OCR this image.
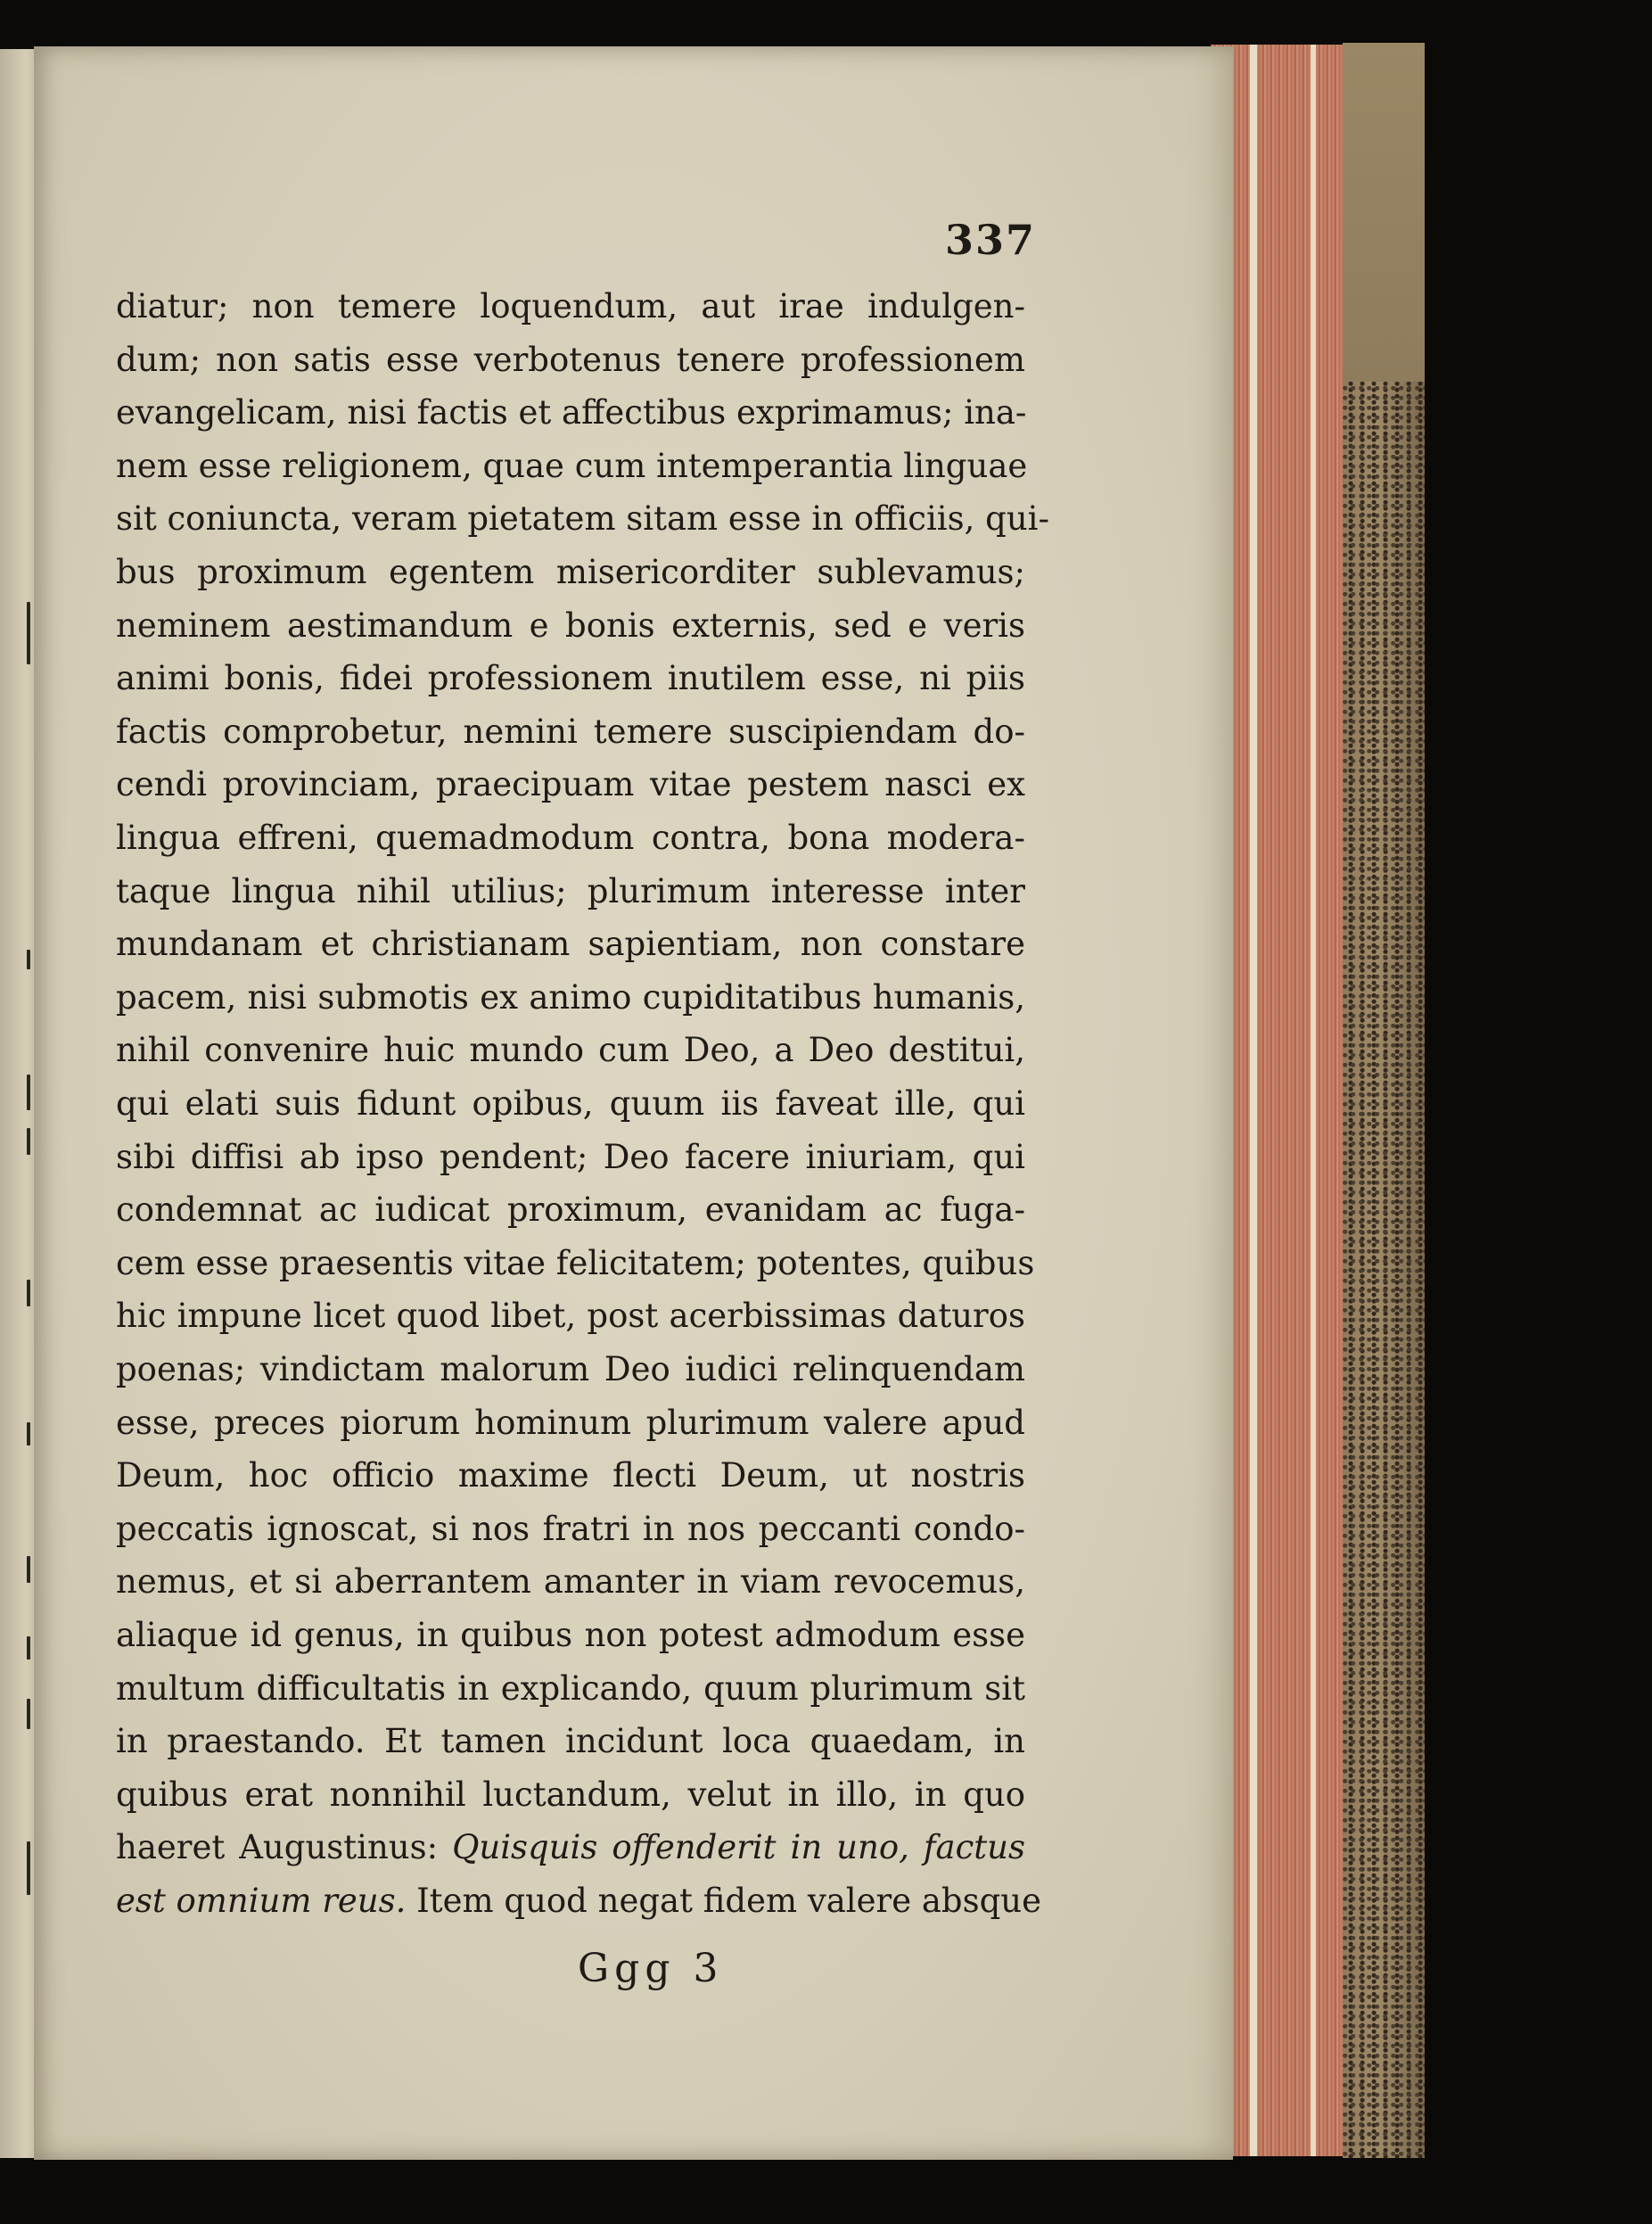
337
diatur; non temere loquendum, aut irae indulgen-
dum; non satis esse verbotenus tenere professionem
evangelicam, nisi factis et affectibus exprimamus; ina-
nem esse religionem, quae cum intemperantia linguae
sit coniuncta, veram pietatem sitam esse in officiis, qui-
bus proximum egentem misericorditer sublevamus;
neminem aestimandum e bonis externis, sed e veris
animi bonis, fidei professionem inutilem esse, ni piis
factis comprobetur, nemini temere suscipiendam do-
cendi provinciam, praecipuam vitae pestem nasci ex
lingua effreni, quemadmodum contra, bona modera-
taque lingua nihil utilius; plurimum interesse inter
mundanam et christianam sapientiam, non constare
pacem, nisi submotis ex animo cupiditatibus humanis,
nihil convenire huic mundo cum Deo, a Deo destitui,
qui elati suis fidunt opibus, quum iis faveat ille, qui
sibi diffisi ab ipso pendent; Deo facere iniuriam, qui
condemnat ac iudicat proximum, evanidam ac fuga-
cem esse praesentis vitae felicitatem; potentes, quibus
hic impune licet quod libet, post acerbissimas daturos
poenas; vindictam malorum Deo iudici relinquendam
esse, preces piorum hominum plurimum valere apud
Deum, hoc officio maxime flecti Deum, ut nostris
peccatis ignoscat, si nos fratri in nos peccanti condo-
nemus, et si aberrantem amanter in viam revocemus,
aliaque id genus, in quibus non potest admodum esse
multum difficultatis in explicando, quum plurimum sit
in praestando. Et tamen incidunt loca quaedam, in
quibus erat nonnihil luctandum, velut in illo, in quo
haeret Augustinus: Quisquis offenderit in uno, factus
est omnium reus. Item quod negat fidem valere absque
Ggg 3
